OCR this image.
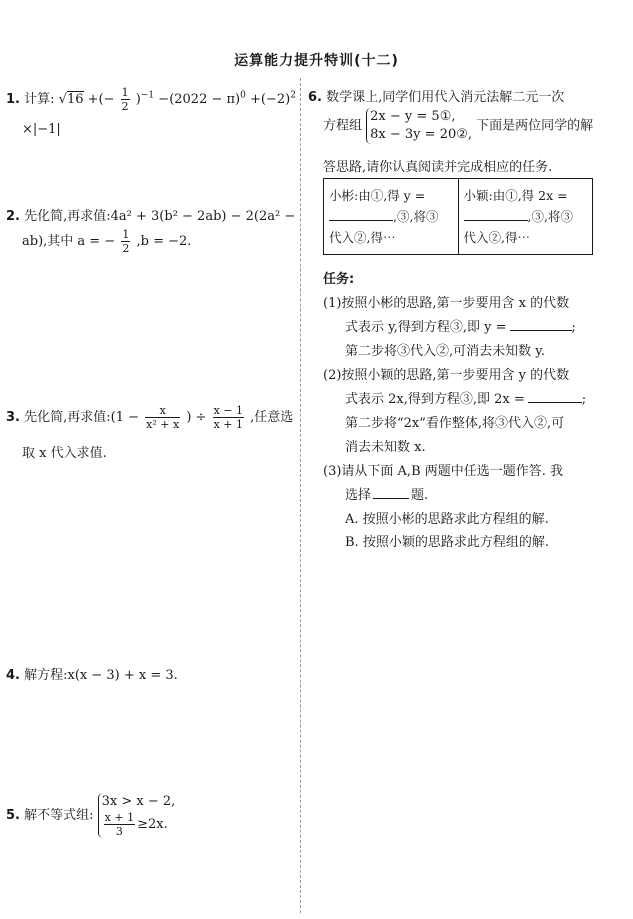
运算能力提升特训(十二)
1. 计算: √16 +(− $\frac{1}{2} )^{-1} -(2022 - \pi)^0 +(-2)^2$
×|−1|
2. 先化简,再求值:4a² + 3(b² − 2ab) − 2(2a² −
ab),其中 a = − $\frac{1}{2} ,b = -2$.
3. 先化简,再求值:(1 − $\frac{x}{\text{x² + x}}$ ) ÷ $\frac{x - 1}{x + 1}$ ,任意选
取 x 代入求值.
4. 解方程:x(x − 3) + x = 3.
5. 解不等式组:
3x > x − 2,
$\frac{x + 1}{3} \ge 2x$.
6. 数学课上,同学们用代入消元法解二元一次
方程组
2x − y = 5①,
8x − 3y = 20②,
下面是两位同学的解
答思路,请你认真阅读并完成相应的任务.
小彬:由①,得 y =
,③,将③
代入②,得⋯

小颖:由①,得 2x =
,③,将③
代入②,得⋯
任务:
(1)按照小彬的思路,第一步要用含 x 的代数
式表示 y,得到方程③,即 y =	;
第二步将③代入②,可消去未知数 y.
(2)按照小颖的思路,第一步要用含 y 的代数
式表示 2x,得到方程③,即 2x =	;
第二步将“2x”看作整体,将③代入②,可
消去未知数 x.
(3)请从下面 A,B 两题中任选一题作答. 我
选择	题.
A. 按照小彬的思路求此方程组的解.
B. 按照小颖的思路求此方程组的解.
